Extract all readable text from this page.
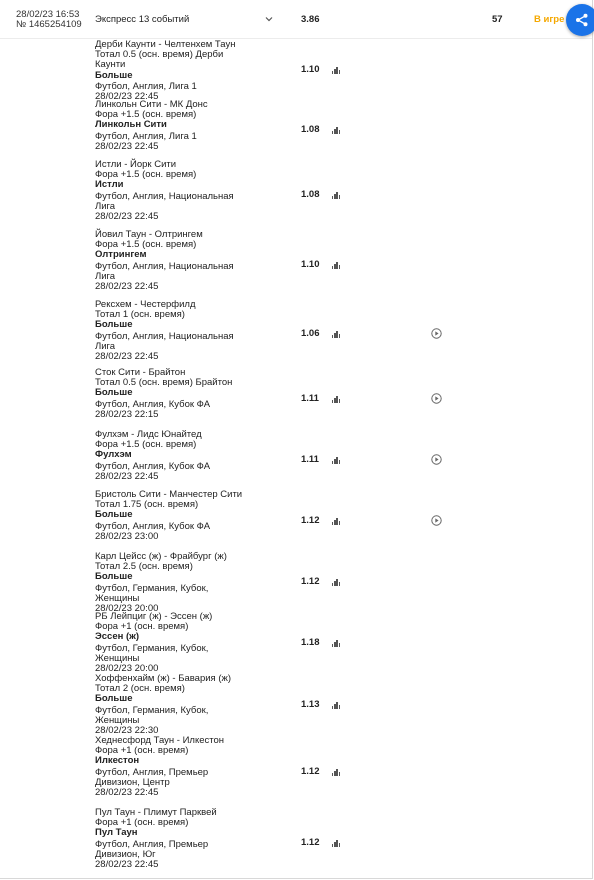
28/02/23 16:53
№ 1465254109 Экспресс 13 событий	3.86	57	В игре
Дерби Каунти - Челтенхем Таун
Тотал 0.5 (осн. время) Дерби Каунти
Больше
Футбол, Англия, Лига 1
28/02/23 22:45
1.10
Линкольн Сити - МК Донс
Фора +1.5 (осн. время)
Линкольн Сити
Футбол, Англия, Лига 1
28/02/23 22:45
1.08
Истли - Йорк Сити
Фора +1.5 (осн. время)
Истли
Футбол, Англия, Национальная Лига
28/02/23 22:45
1.08
Йовил Таун - Олтрингем
Фора +1.5 (осн. время)
Олтрингем
Футбол, Англия, Национальная Лига
28/02/23 22:45
1.10
Рексхем - Честерфилд
Тотал 1 (осн. время)
Больше
Футбол, Англия, Национальная Лига
28/02/23 22:45
1.06
Сток Сити - Брайтон
Тотал 0.5 (осн. время) Брайтон
Больше
Футбол, Англия, Кубок ФА
28/02/23 22:15
1.11
Фулхэм - Лидс Юнайтед
Фора +1.5 (осн. время)
Фулхэм
Футбол, Англия, Кубок ФА
28/02/23 22:45
1.11
Бристоль Сити - Манчестер Сити
Тотал 1.75 (осн. время)
Больше
Футбол, Англия, Кубок ФА
28/02/23 23:00
1.12
Карл Цейсс (ж) - Фрайбург (ж)
Тотал 2.5 (осн. время)
Больше
Футбол, Германия, Кубок, Женщины
28/02/23 20:00
1.12
РБ Лейпциг (ж) - Эссен (ж)
Фора +1 (осн. время)
Эссен (ж)
Футбол, Германия, Кубок, Женщины
28/02/23 20:00
1.18
Хоффенхайм (ж) - Бавария (ж)
Тотал 2 (осн. время)
Больше
Футбол, Германия, Кубок, Женщины
28/02/23 22:30
1.13
Хеднесфорд Таун - Илкестон
Фора +1 (осн. время)
Илкестон
Футбол, Англия, Премьер Дивизион, Центр
28/02/23 22:45
1.12
Пул Таун - Плимут Парквей
Фора +1 (осн. время)
Пул Таун
Футбол, Англия, Премьер Дивизион, Юг
28/02/23 22:45
1.12
